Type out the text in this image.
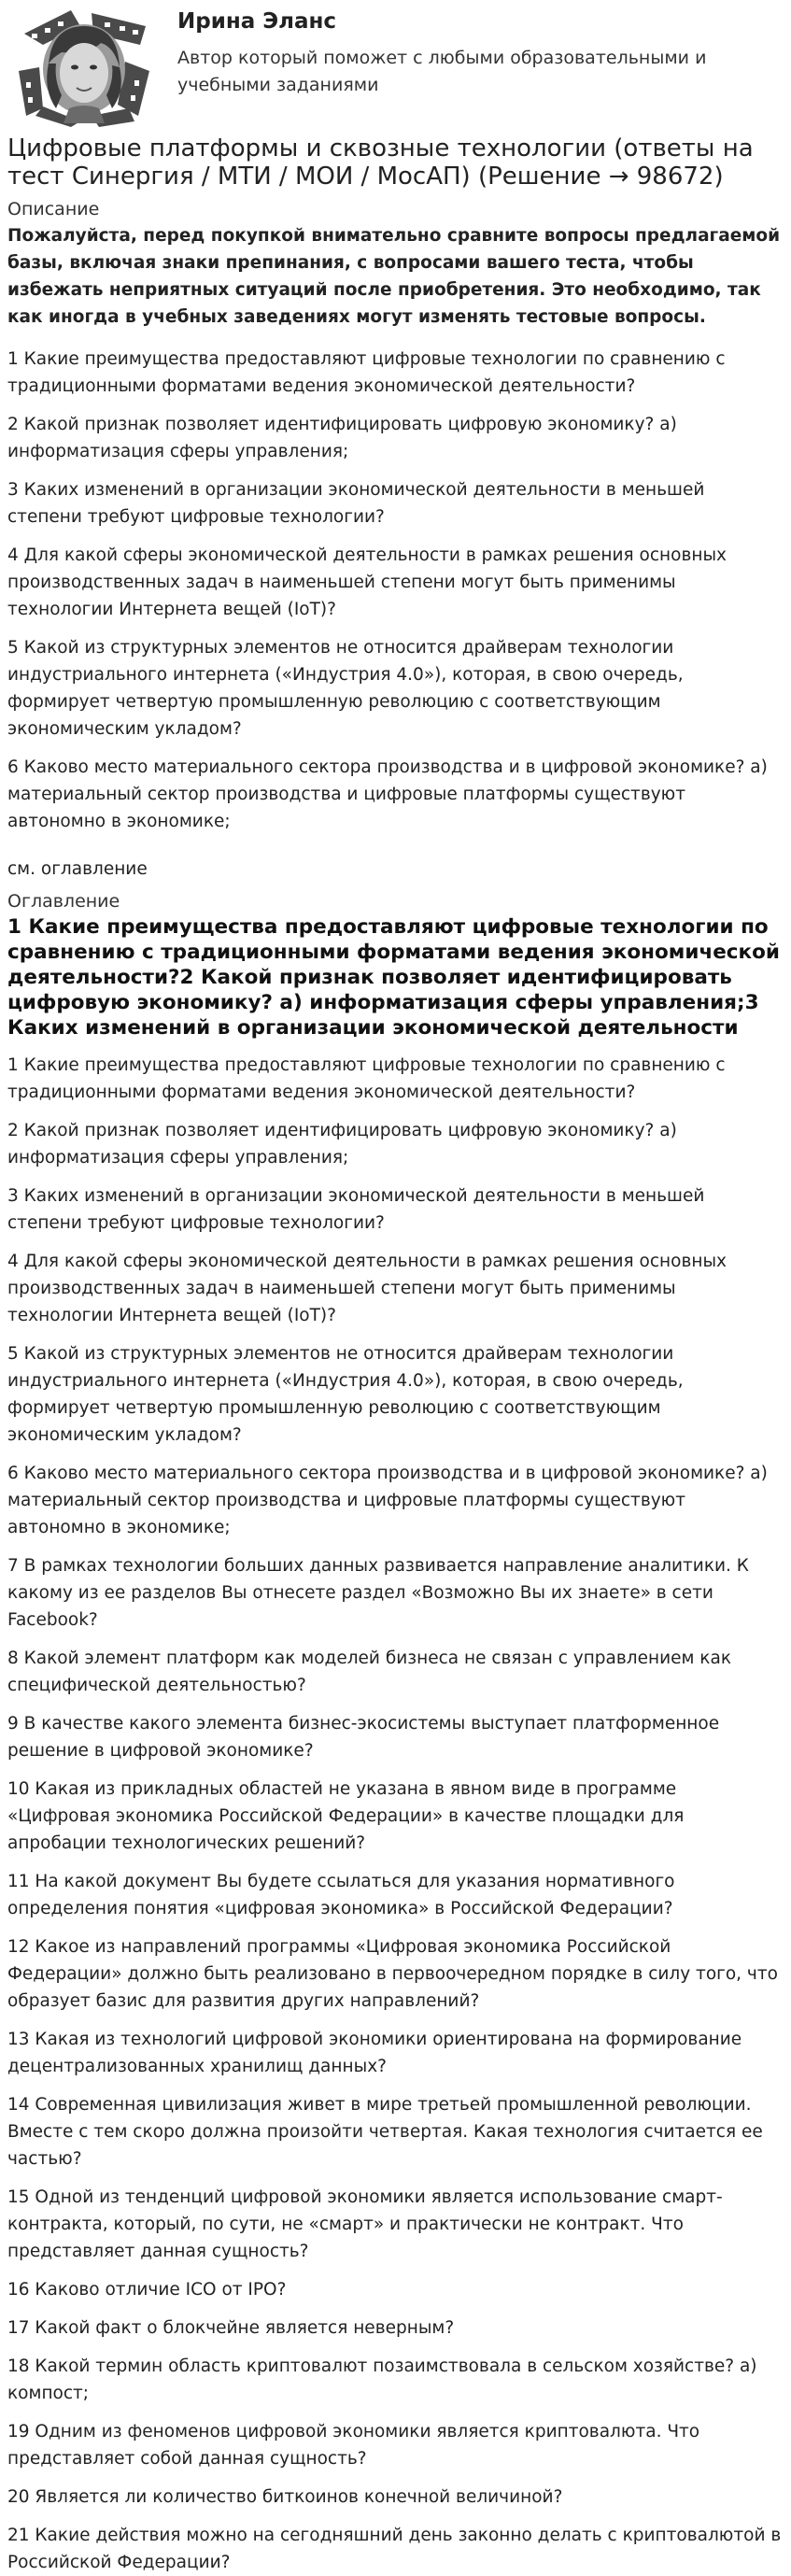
Ирина Эланс
Автор который поможет с любыми образовательными и учебными заданиями
Цифровые платформы и сквозные технологии (ответы на тест Синергия / МТИ / МОИ / МосАП) (Решение → 98672)
Описание
Пожалуйста, перед покупкой внимательно сравните вопросы предлагаемой базы, включая знаки препинания, с вопросами вашего теста, чтобы избежать неприятных ситуаций после приобретения. Это необходимо, так как иногда в учебных заведениях могут изменять тестовые вопросы.
1 Какие преимущества предоставляют цифровые технологии по сравнению с традиционными форматами ведения экономической деятельности?
2 Какой признак позволяет идентифицировать цифровую экономику? а) информатизация сферы управления;
3 Каких изменений в организации экономической деятельности в меньшей степени требуют цифровые технологии?
4 Для какой сферы экономической деятельности в рамках решения основных производственных задач в наименьшей степени могут быть применимы технологии Интернета вещей (IoT)?
5 Какой из структурных элементов не относится драйверам технологии индустриального интернета («Индустрия 4.0»), которая, в свою очередь, формирует четвертую промышленную революцию с соответствующим экономическим укладом?
6 Каково место материального сектора производства и в цифровой экономике? а) материальный сектор производства и цифровые платформы существуют автономно в экономике;
см. оглавление
Оглавление
1 Какие преимущества предоставляют цифровые технологии по сравнению с традиционными форматами ведения экономической деятельности?2 Какой признак позволяет идентифицировать цифровую экономику? а) информатизация сферы управления;3 Каких изменений в организации экономической деятельности
1 Какие преимущества предоставляют цифровые технологии по сравнению с традиционными форматами ведения экономической деятельности?
2 Какой признак позволяет идентифицировать цифровую экономику? а) информатизация сферы управления;
3 Каких изменений в организации экономической деятельности в меньшей степени требуют цифровые технологии?
4 Для какой сферы экономической деятельности в рамках решения основных производственных задач в наименьшей степени могут быть применимы технологии Интернета вещей (IoT)?
5 Какой из структурных элементов не относится драйверам технологии индустриального интернета («Индустрия 4.0»), которая, в свою очередь, формирует четвертую промышленную революцию с соответствующим экономическим укладом?
6 Каково место материального сектора производства и в цифровой экономике? а) материальный сектор производства и цифровые платформы существуют автономно в экономике;
7 В рамках технологии больших данных развивается направление аналитики. К какому из ее разделов Вы отнесете раздел «Возможно Вы их знаете» в сети Facebook?
8 Какой элемент платформ как моделей бизнеса не связан с управлением как специфической деятельностью?
9 В качестве какого элемента бизнес-экосистемы выступает платформенное решение в цифровой экономике?
10 Какая из прикладных областей не указана в явном виде в программе «Цифровая экономика Российской Федерации» в качестве площадки для апробации технологических решений?
11 На какой документ Вы будете ссылаться для указания нормативного определения понятия «цифровая экономика» в Российской Федерации?
12 Какое из направлений программы «Цифровая экономика Российской Федерации» должно быть реализовано в первоочередном порядке в силу того, что образует базис для развития других направлений?
13 Какая из технологий цифровой экономики ориентирована на формирование децентрализованных хранилищ данных?
14 Современная цивилизация живет в мире третьей промышленной революции. Вместе с тем скоро должна произойти четвертая. Какая технология считается ее частью?
15 Одной из тенденций цифровой экономики является использование смарт-контракта, который, по сути, не «смарт» и практически не контракт. Что представляет данная сущность?
16 Каково отличие ICO от IPO?
17 Какой факт о блокчейне является неверным?
18 Какой термин область криптовалют позаимствовала в сельском хозяйстве? а) компост;
19 Одним из феноменов цифровой экономики является криптовалюта. Что представляет собой данная сущность?
20 Является ли количество биткоинов конечной величиной?
21 Какие действия можно на сегодняшний день законно делать с криптовалютой в Российской Федерации?
